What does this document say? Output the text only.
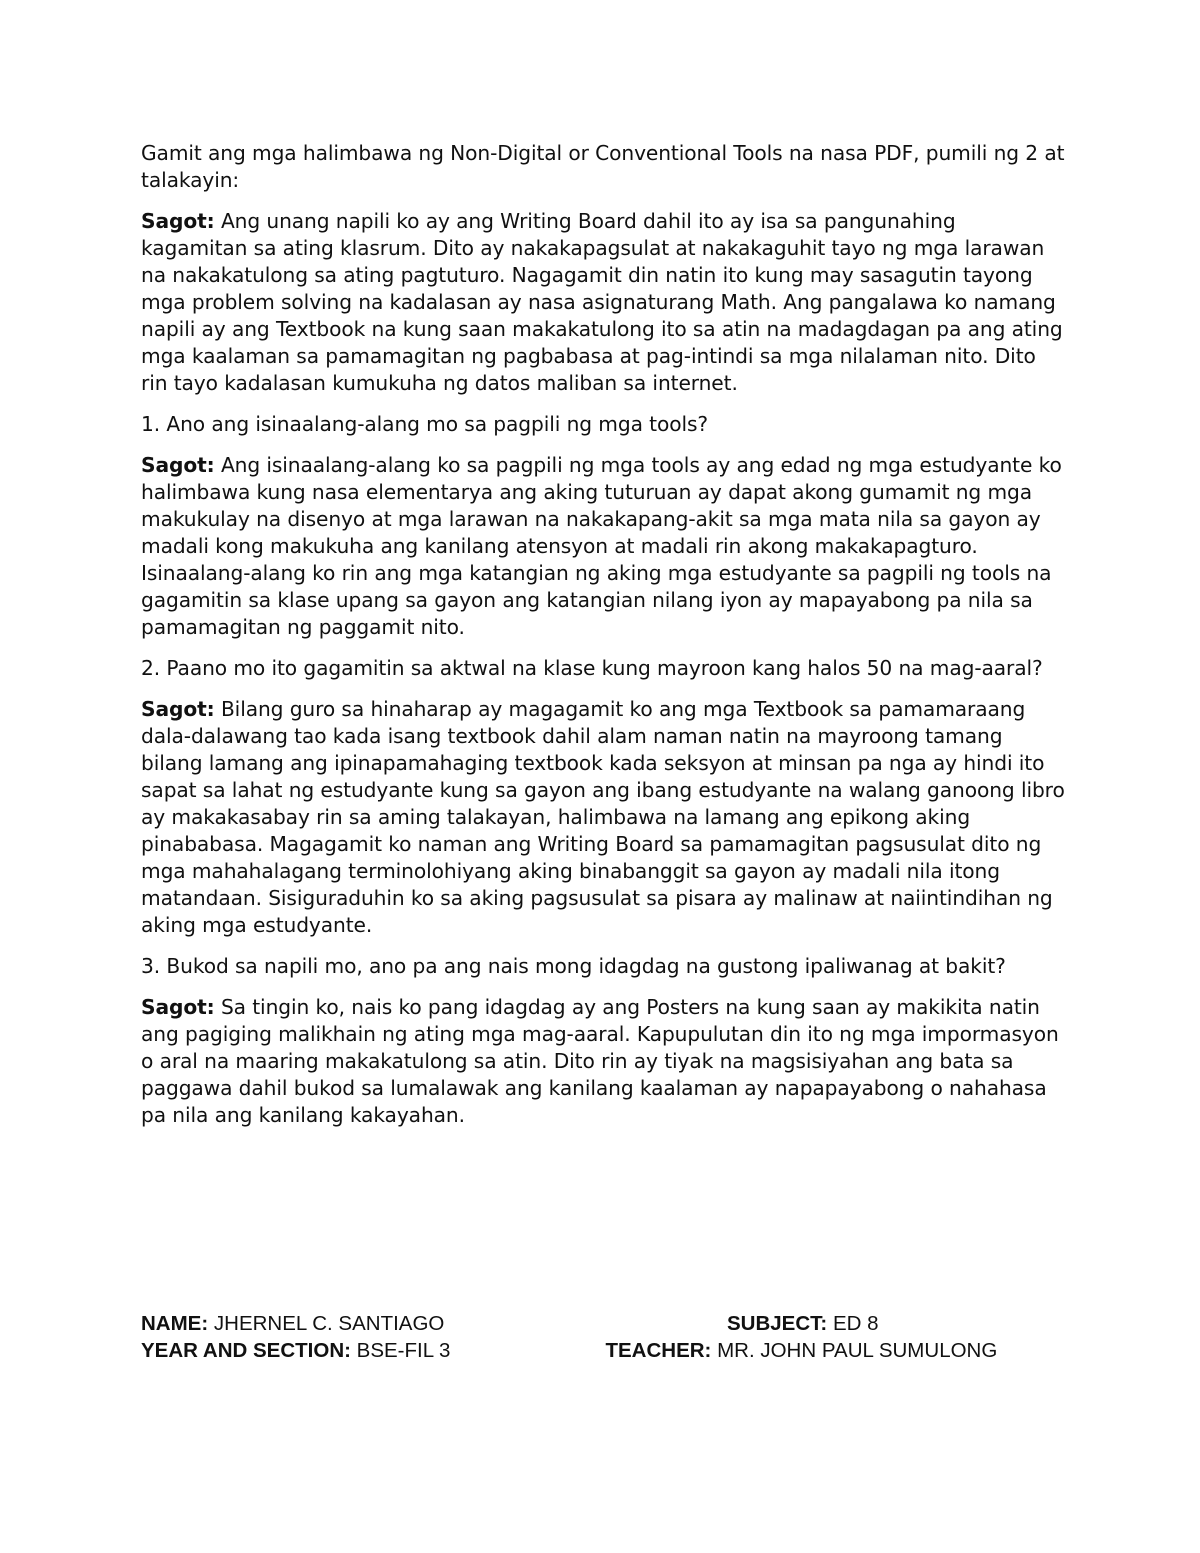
Gamit ang mga halimbawa ng Non-Digital or Conventional Tools na nasa PDF, pumili ng 2 at talakayin:

Sagot: Ang unang napili ko ay ang Writing Board dahil ito ay isa sa pangunahing kagamitan sa ating klasrum. Dito ay nakakapagsulat at nakakaguhit tayo ng mga larawan na nakakatulong sa ating pagtuturo. Nagagamit din natin ito kung may sasagutin tayong mga problem solving na kadalasan ay nasa asignaturang Math. Ang pangalawa ko namang napili ay ang Textbook na kung saan makakatulong ito sa atin na madagdagan pa ang ating mga kaalaman sa pamamagitan ng pagbabasa at pag-intindi sa mga nilalaman nito. Dito rin tayo kadalasan kumukuha ng datos maliban sa internet.

1. Ano ang isinaalang-alang mo sa pagpili ng mga tools?

Sagot: Ang isinaalang-alang ko sa pagpili ng mga tools ay ang edad ng mga estudyante ko halimbawa kung nasa elementarya ang aking tuturuan ay dapat akong gumamit ng mga makukulay na disenyo at mga larawan na nakakapang-akit sa mga mata nila sa gayon ay madali kong makukuha ang kanilang atensyon at madali rin akong makakapagturo. Isinaalang-alang ko rin ang mga katangian ng aking mga estudyante sa pagpili ng tools na gagamitin sa klase upang sa gayon ang katangian nilang iyon ay mapayabong pa nila sa pamamagitan ng paggamit nito.

2. Paano mo ito gagamitin sa aktwal na klase kung mayroon kang halos 50 na mag-aaral?

Sagot: Bilang guro sa hinaharap ay magagamit ko ang mga Textbook sa pamamaraang dala-dalawang tao kada isang textbook dahil alam naman natin na mayroong tamang bilang lamang ang ipinapamahaging textbook kada seksyon at minsan pa nga ay hindi ito sapat sa lahat ng estudyante kung sa gayon ang ibang estudyante na walang ganoong libro ay makakasabay rin sa aming talakayan, halimbawa na lamang ang epikong aking pinababasa. Magagamit ko naman ang Writing Board sa pamamagitan pagsusulat dito ng mga mahahalagang terminolohiyang aking binabanggit sa gayon ay madali nila itong matandaan. Sisiguraduhin ko sa aking pagsusulat sa pisara ay malinaw at naiintindihan ng aking mga estudyante.

3. Bukod sa napili mo, ano pa ang nais mong idagdag na gustong ipaliwanag at bakit?

Sagot: Sa tingin ko, nais ko pang idagdag ay ang Posters na kung saan ay makikita natin ang pagiging malikhain ng ating mga mag-aaral. Kapupulutan din ito ng mga impormasyon o aral na maaring makakatulong sa atin. Dito rin ay tiyak na magsisiyahan ang bata sa paggawa dahil bukod sa lumalawak ang kanilang kaalaman ay napapayabong o nahahasa pa nila ang kanilang kakayahan.

NAME: JHERNEL C. SANTIAGO	SUBJECT: ED 8
YEAR AND SECTION: BSE-FIL 3	TEACHER: MR. JOHN PAUL SUMULONG
